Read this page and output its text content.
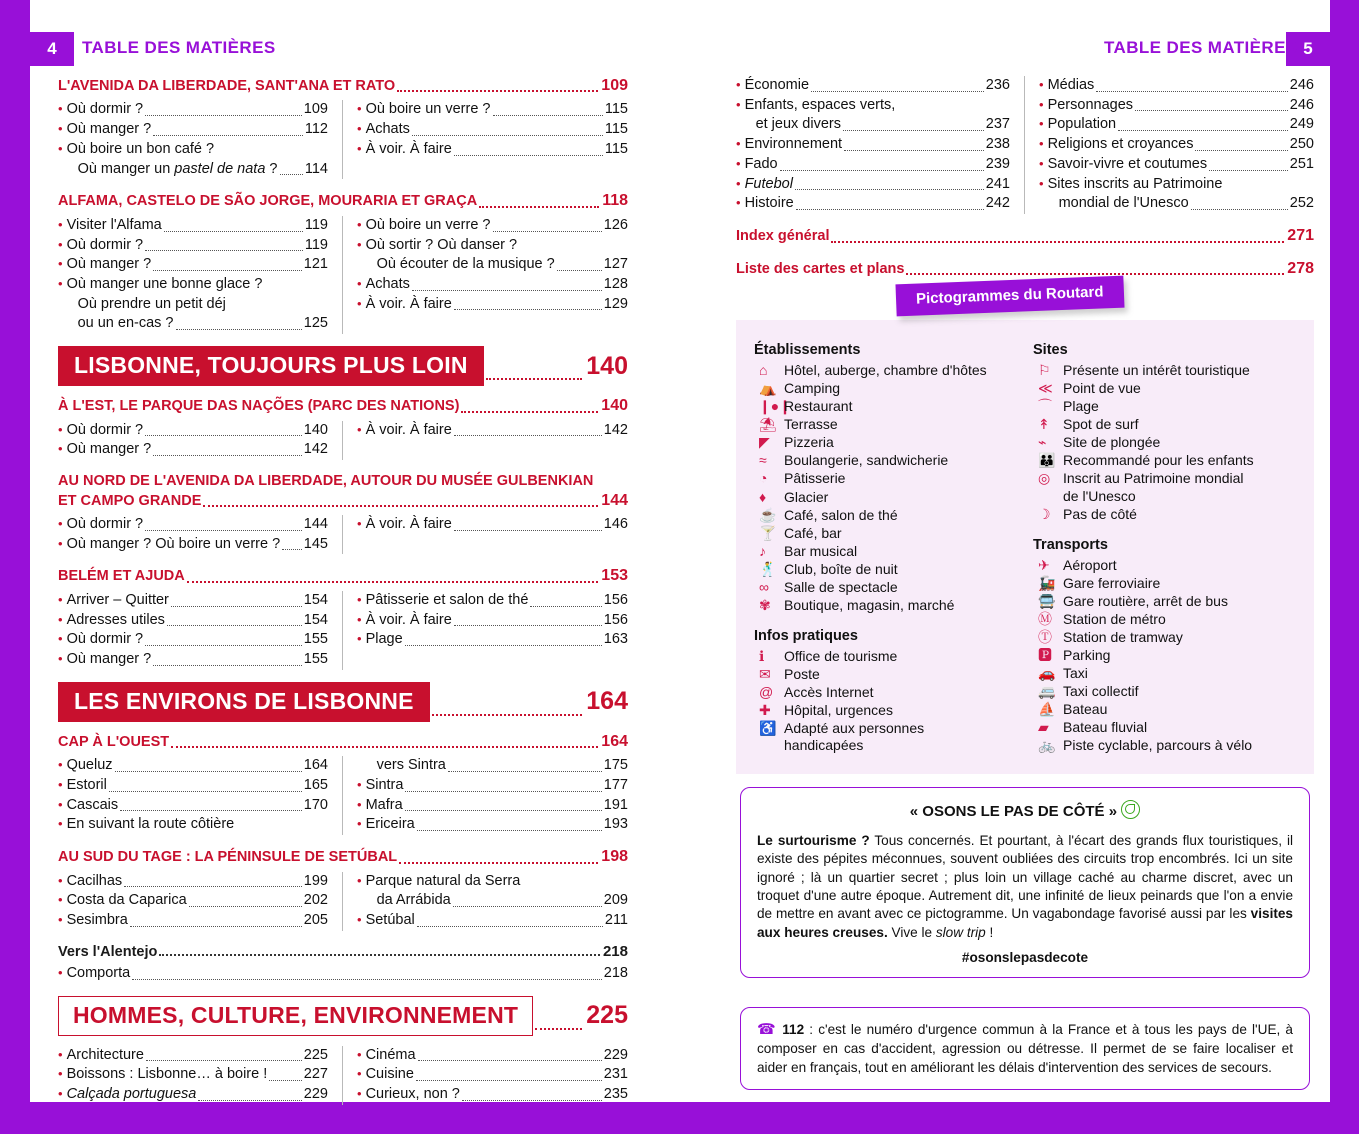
4	TABLE DES MATIÈRES	5
TABLE DES MATIÈRES
L'AVENIDA DA LIBERDADE, SANT'ANA ET RATO	109
• Où dormir ?	109
• Où manger ?	112
• Où boire un bon café ?
Où manger un pastel de nata ? 114
• Où boire un verre ?	115
• Achats	115
• À voir. À faire	115
ALFAMA, CASTELO DE SÃO JORGE, MOURARIA ET GRAÇA	118
• Visiter l'Alfama	119
• Où dormir ?	119
• Où manger ?	121
• Où manger une bonne glace ?
Où prendre un petit déj
ou un en-cas ?	125
• Où boire un verre ?	126
• Où sortir ? Où danser ?
Où écouter de la musique ?	127
• Achats	128
• À voir. À faire	129
LISBONNE, TOUJOURS PLUS LOIN	140
À L'EST, LE PARQUE DAS NAÇÕES (PARC DES NATIONS)	140
• Où dormir ?	140
• Où manger ?	142
• À voir. À faire	142
AU NORD DE L'AVENIDA DA LIBERDADE, AUTOUR DU MUSÉE GULBENKIAN
ET CAMPO GRANDE	144
• Où dormir ?	144
• Où manger ? Où boire un verre ? 145
• À voir. À faire	146
BELÉM ET AJUDA	153
• Arriver – Quitter	154
• Adresses utiles	154
• Où dormir ?	155
• Où manger ?	155
• Pâtisserie et salon de thé	156
• À voir. À faire	156
• Plage	163
LES ENVIRONS DE LISBONNE	164
CAP À L'OUEST	164
• Queluz	164
• Estoril	165
• Cascais	170
• En suivant la route côtière
vers Sintra	175
• Sintra	177
• Mafra	191
• Ericeira	193
AU SUD DU TAGE : LA PÉNINSULE DE SETÚBAL	198
• Cacilhas	199
• Costa da Caparica	202
• Sesimbra	205
• Parque natural da Serra
da Arrábida	209
• Setúbal	211
Vers l'Alentejo	218
• Comporta	218
HOMMES, CULTURE, ENVIRONNEMENT	225
• Architecture	225
• Boissons : Lisbonne… à boire !	227
• Calçada portuguesa	229
• Cinéma	229
• Cuisine	231
• Curieux, non ?	235
• Économie	236
• Enfants, espaces verts,
et jeux divers	237
• Environnement	238
• Fado	239
• Futebol	241
• Histoire	242
• Médias	246
• Personnages	246
• Population	249
• Religions et croyances	250
• Savoir-vivre et coutumes	251
• Sites inscrits au Patrimoine
mondial de l'Unesco	252
Index général	271
Liste des cartes et plans	278
Pictogrammes du Routard
Établissements
⌂	Hôtel, auberge, chambre d'hôtes
⛺ Camping
❙●❙
Restaurant
⛱ Terrasse
◤	Pizzeria
≈	Boulangerie, sandwicherie
◔	Pâtisserie
♦	Glacier
☕ Café, salon de thé
🍸 Café, bar
♪	Bar musical
🕺 Club, boîte de nuit
∞	Salle de spectacle
✾ Boutique, magasin, marché
Infos pratiques
ℹ	Office de tourisme
✉ Poste
@ Accès Internet
✚ Hôpital, urgences
♿ Adapté aux personnes
handicapées
Sites
⚐ Présente un intérêt touristique
≪ Point de vue
⌒ Plage
↟ Spot de surf
⌁	Site de plongée
👪 Recommandé pour les enfants
◎ Inscrit au Patrimoine mondial
de l'Unesco
☽ Pas de côté
Transports
✈ Aéroport
🚂 Gare ferroviaire
🚍 Gare routière, arrêt de bus
Ⓜ Station de métro
Ⓣ Station de tramway
🅿 Parking
🚗 Taxi
🚐 Taxi collectif
⛵ Bateau
▰	Bateau fluvial
🚲 Piste cyclable, parcours à vélo
« OSONS LE PAS DE CÔTÉ »
Le surtourisme ? Tous concernés. Et pourtant, à l'écart des grands flux touristiques, il existe des pépites méconnues, souvent oubliées des circuits trop encombrés. Ici un site ignoré ; là un quartier secret ; plus loin un village caché au charme discret, avec un troquet d'une autre époque. Autrement dit, une infinité de lieux peinards que l'on a envie de mettre en avant avec ce pictogramme. Un vagabondage favorisé aussi par les visites aux heures creuses. Vive le slow trip !
#osonslepasdecote
☎ 112 : c'est le numéro d'urgence commun à la France et à tous les pays de l'UE, à composer en cas d'accident, agression ou détresse. Il permet de se faire localiser et aider en français, tout en améliorant les délais d'intervention des services de secours.
